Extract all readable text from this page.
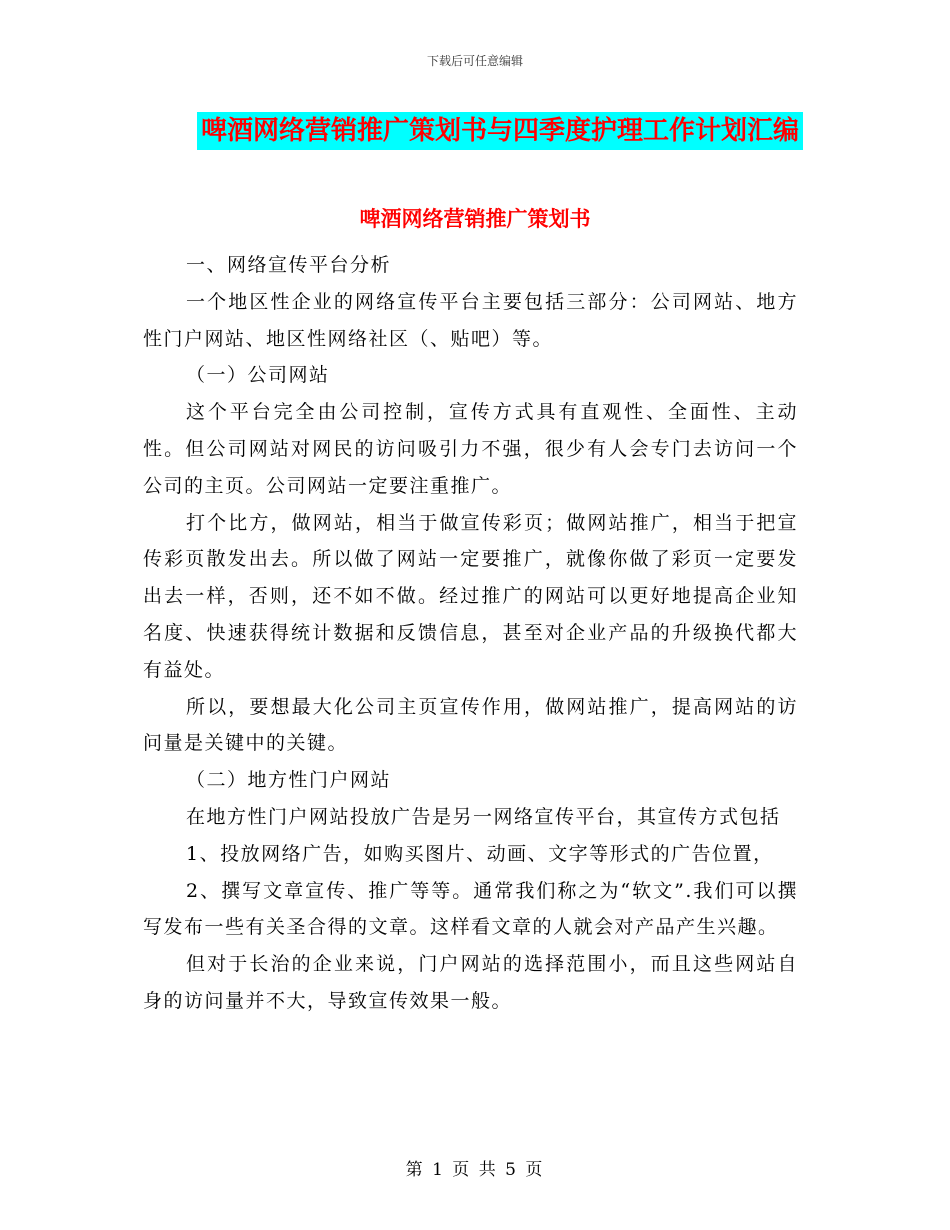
下载后可任意编辑
啤酒网络营销推广策划书与四季度护理工作计划汇编
啤酒网络营销推广策划书

一、网络宣传平台分析

一个地区性企业的网络宣传平台主要包括三部分：公司网站、地方性门户网站、地区性网络社区（、贴吧）等。

（一）公司网站

这个平台完全由公司控制，宣传方式具有直观性、全面性、主动性。但公司网站对网民的访问吸引力不强，很少有人会专门去访问一个公司的主页。公司网站一定要注重推广。

打个比方，做网站，相当于做宣传彩页；做网站推广，相当于把宣传彩页散发出去。所以做了网站一定要推广，就像你做了彩页一定要发出去一样，否则，还不如不做。经过推广的网站可以更好地提高企业知名度、快速获得统计数据和反馈信息，甚至对企业产品的升级换代都大有益处。

所以，要想最大化公司主页宣传作用，做网站推广，提高网站的访问量是关键中的关键。

（二）地方性门户网站

在地方性门户网站投放广告是另一网络宣传平台，其宣传方式包括

1、投放网络广告，如购买图片、动画、文字等形式的广告位置，

2、撰写文章宣传、推广等等。通常我们称之为“软文”.我们可以撰写发布一些有关圣合得的文章。这样看文章的人就会对产品产生兴趣。

但对于长治的企业来说，门户网站的选择范围小，而且这些网站自身的访问量并不大，导致宣传效果一般。

第 1 页 共 5 页
